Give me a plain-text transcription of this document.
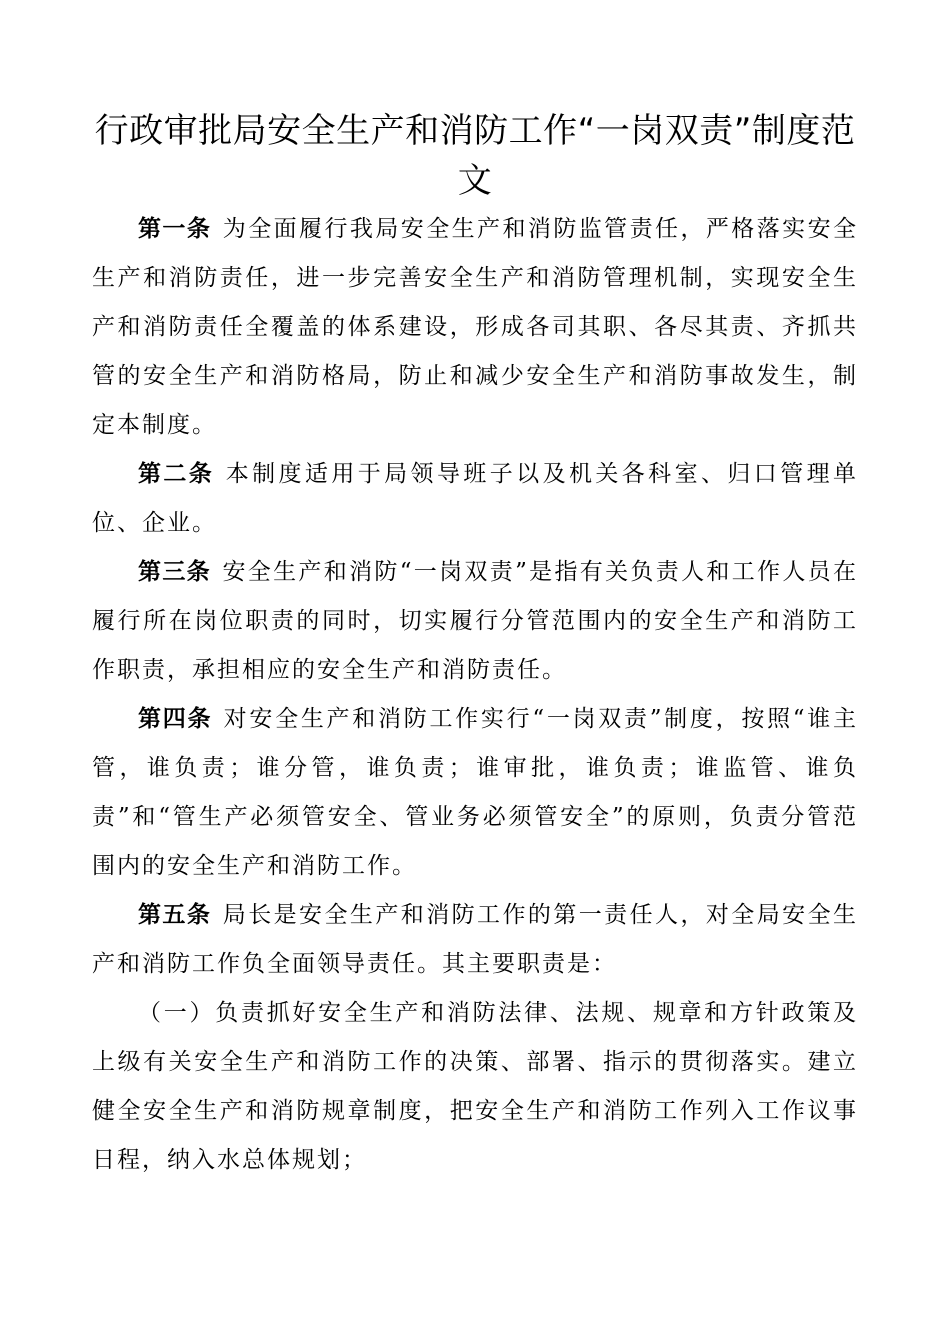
行政审批局安全生产和消防工作“一岗双责”制度范文

第一条 为全面履行我局安全生产和消防监管责任，严格落实安全生产和消防责任，进一步完善安全生产和消防管理机制，实现安全生产和消防责任全覆盖的体系建设，形成各司其职、各尽其责、齐抓共管的安全生产和消防格局，防止和减少安全生产和消防事故发生，制定本制度。

第二条 本制度适用于局领导班子以及机关各科室、归口管理单位、企业。

第三条 安全生产和消防“一岗双责”是指有关负责人和工作人员在履行所在岗位职责的同时，切实履行分管范围内的安全生产和消防工作职责，承担相应的安全生产和消防责任。

第四条 对安全生产和消防工作实行“一岗双责”制度，按照“谁主管，谁负责；谁分管，谁负责；谁审批，谁负责；谁监管、谁负责”和“管生产必须管安全、管业务必须管安全”的原则，负责分管范围内的安全生产和消防工作。

第五条 局长是安全生产和消防工作的第一责任人，对全局安全生产和消防工作负全面领导责任。其主要职责是：

（一）负责抓好安全生产和消防法律、法规、规章和方针政策及上级有关安全生产和消防工作的决策、部署、指示的贯彻落实。建立健全安全生产和消防规章制度，把安全生产和消防工作列入工作议事日程，纳入水总体规划；
